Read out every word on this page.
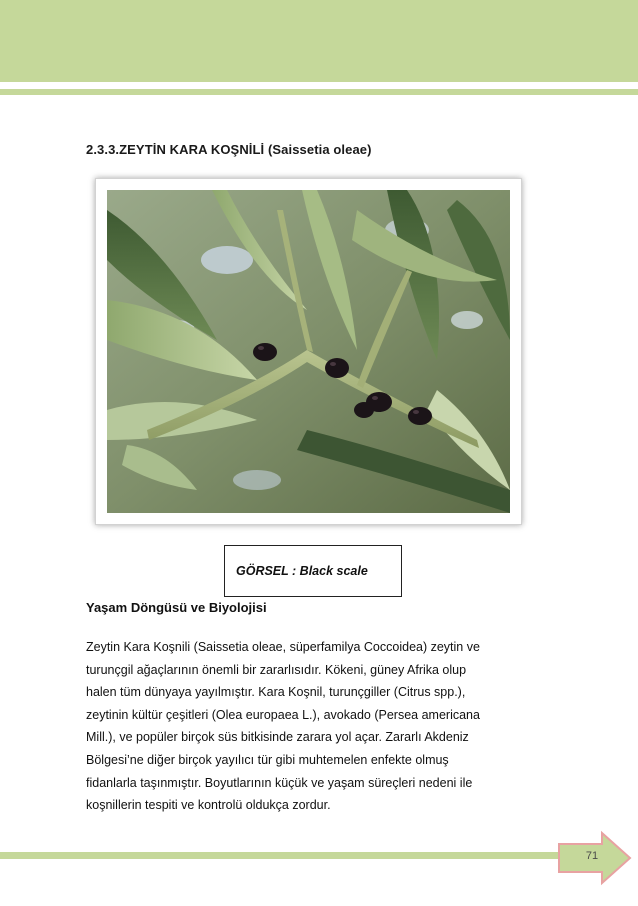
2.3.3.ZEYTİN KARA KOŞNİLİ (Saissetia oleae)
GÖRSEL : Black scale
Yaşam Döngüsü ve Biyolojisi
Zeytin Kara Koşnili (Saissetia oleae, süperfamilya Coccoidea) zeytin ve
turunçgil ağaçlarının önemli bir zararlısıdır. Kökeni, güney Afrika olup
halen tüm dünyaya yayılmıştır. Kara Koşnil, turunçgiller (Citrus spp.),
zeytinin kültür çeşitleri (Olea europaea L.), avokado (Persea americana
Mill.), ve popüler birçok süs bitkisinde zarara yol açar. Zararlı Akdeniz
Bölgesi’ne diğer birçok yayılıcı tür gibi muhtemelen enfekte olmuş
fidanlarla taşınmıştır. Boyutlarının küçük ve yaşam süreçleri nedeni ile
koşnillerin tespiti ve kontrolü oldukça zordur.
71
